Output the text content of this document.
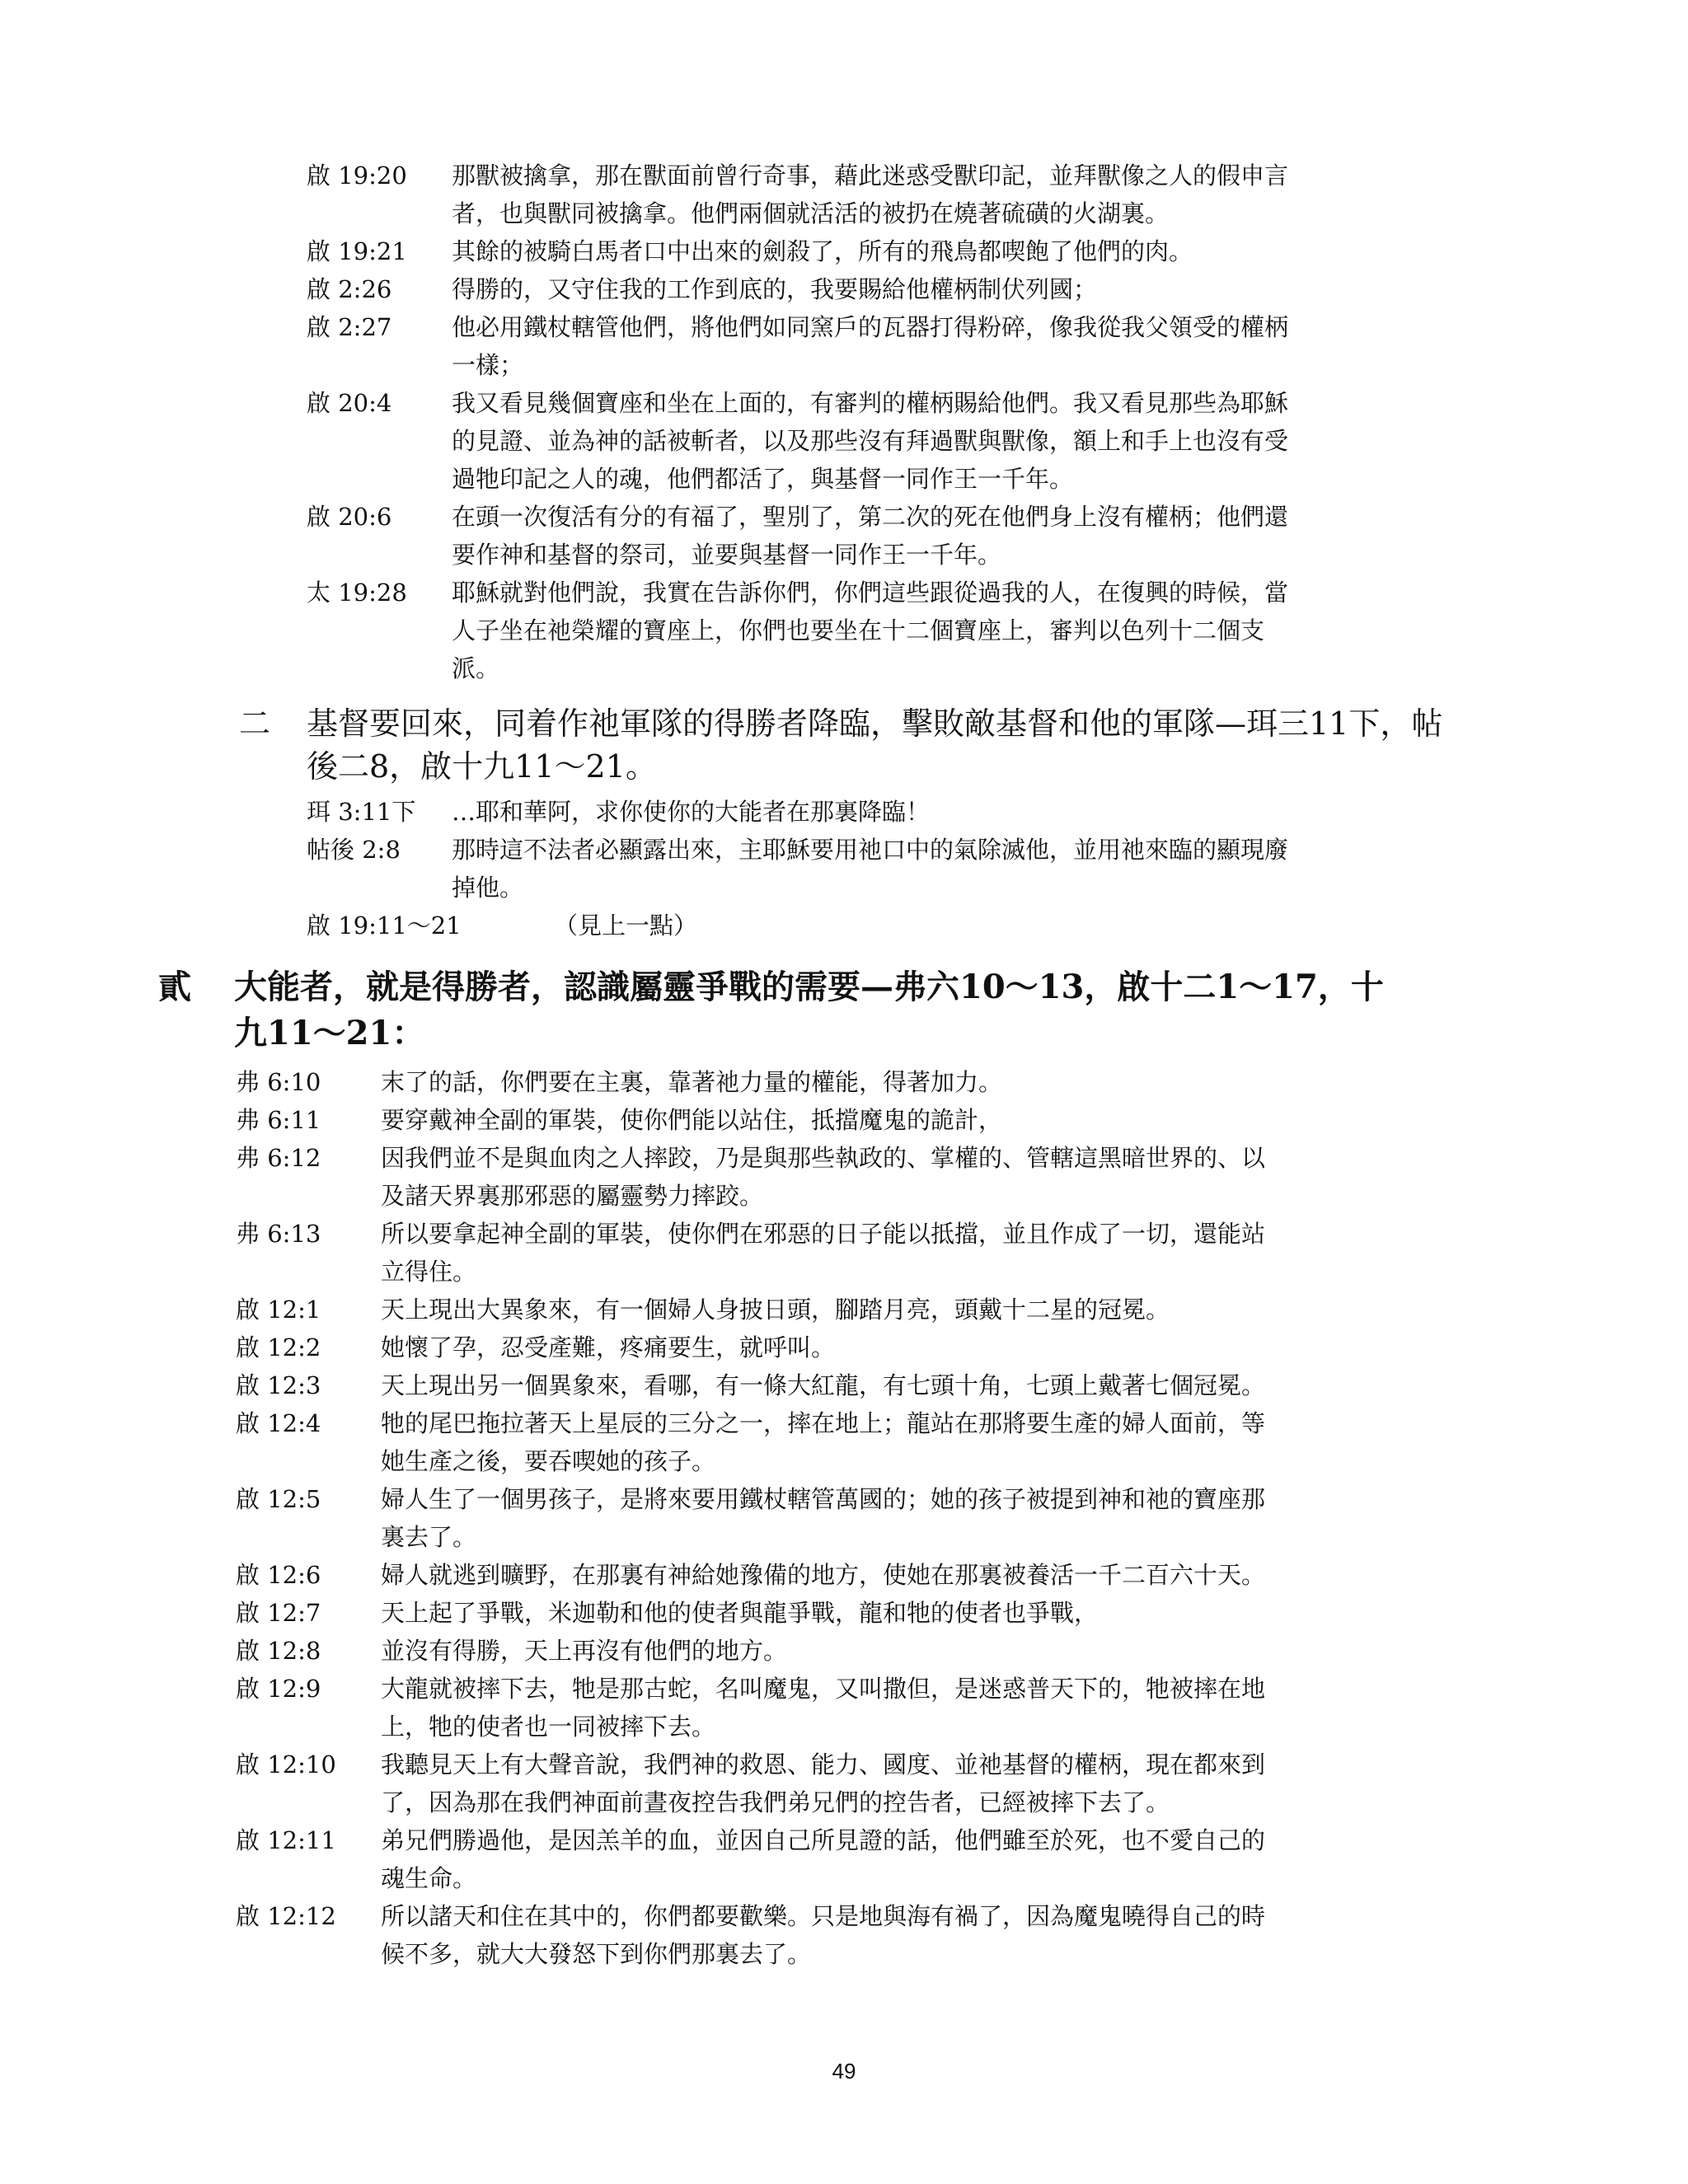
啟 19:20	那獸被擒拿，那在獸面前曾行奇事，藉此迷惑受獸印記，並拜獸像之人的假申言
者，也與獸同被擒拿。他們兩個就活活的被扔在燒著硫磺的火湖裏。
啟 19:21	其餘的被騎白馬者口中出來的劍殺了，所有的飛鳥都喫飽了他們的肉。
啟 2:26	得勝的，又守住我的工作到底的，我要賜給他權柄制伏列國；
啟 2:27	他必用鐵杖轄管他們，將他們如同窯戶的瓦器打得粉碎，像我從我父領受的權柄
一樣；
啟 20:4	我又看見幾個寶座和坐在上面的，有審判的權柄賜給他們。我又看見那些為耶穌
的見證、並為神的話被斬者，以及那些沒有拜過獸與獸像，額上和手上也沒有受
過牠印記之人的魂，他們都活了，與基督一同作王一千年。
啟 20:6	在頭一次復活有分的有福了，聖別了，第二次的死在他們身上沒有權柄；他們還
要作神和基督的祭司，並要與基督一同作王一千年。
太 19:28	耶穌就對他們說，我實在告訴你們，你們這些跟從過我的人，在復興的時候，當
人子坐在祂榮耀的寶座上，你們也要坐在十二個寶座上，審判以色列十二個支
派。
二	基督要回來，同着作祂軍隊的得勝者降臨，擊敗敵基督和他的軍隊—珥三11下，帖
後二8，啟十九11～21。
珥 3:11下	…耶和華阿，求你使你的大能者在那裏降臨！
帖後 2:8	那時這不法者必顯露出來，主耶穌要用祂口中的氣除滅他，並用祂來臨的顯現廢
掉他。
啟 19:11～21	（見上一點）
貳	大能者，就是得勝者，認識屬靈爭戰的需要—弗六10～13，啟十二1～17，十
九11～21：
弗 6:10	末了的話，你們要在主裏，靠著祂力量的權能，得著加力。
弗 6:11	要穿戴神全副的軍裝，使你們能以站住，抵擋魔鬼的詭計，
弗 6:12	因我們並不是與血肉之人摔跤，乃是與那些執政的、掌權的、管轄這黑暗世界的、以
及諸天界裏那邪惡的屬靈勢力摔跤。
弗 6:13	所以要拿起神全副的軍裝，使你們在邪惡的日子能以抵擋，並且作成了一切，還能站
立得住。
啟 12:1	天上現出大異象來，有一個婦人身披日頭，腳踏月亮，頭戴十二星的冠冕。
啟 12:2	她懷了孕，忍受產難，疼痛要生，就呼叫。
啟 12:3	天上現出另一個異象來，看哪，有一條大紅龍，有七頭十角，七頭上戴著七個冠冕。
啟 12:4	牠的尾巴拖拉著天上星辰的三分之一，摔在地上；龍站在那將要生產的婦人面前，等
她生產之後，要吞喫她的孩子。
啟 12:5	婦人生了一個男孩子，是將來要用鐵杖轄管萬國的；她的孩子被提到神和祂的寶座那
裏去了。
啟 12:6	婦人就逃到曠野，在那裏有神給她豫備的地方，使她在那裏被養活一千二百六十天。
啟 12:7	天上起了爭戰，米迦勒和他的使者與龍爭戰，龍和牠的使者也爭戰，
啟 12:8	並沒有得勝，天上再沒有他們的地方。
啟 12:9	大龍就被摔下去，牠是那古蛇，名叫魔鬼，又叫撒但，是迷惑普天下的，牠被摔在地
上，牠的使者也一同被摔下去。
啟 12:10	我聽見天上有大聲音說，我們神的救恩、能力、國度、並祂基督的權柄，現在都來到
了，因為那在我們神面前晝夜控告我們弟兄們的控告者，已經被摔下去了。
啟 12:11	弟兄們勝過他，是因羔羊的血，並因自己所見證的話，他們雖至於死，也不愛自己的
魂生命。
啟 12:12	所以諸天和住在其中的，你們都要歡樂。只是地與海有禍了，因為魔鬼曉得自己的時
候不多，就大大發怒下到你們那裏去了。
49
